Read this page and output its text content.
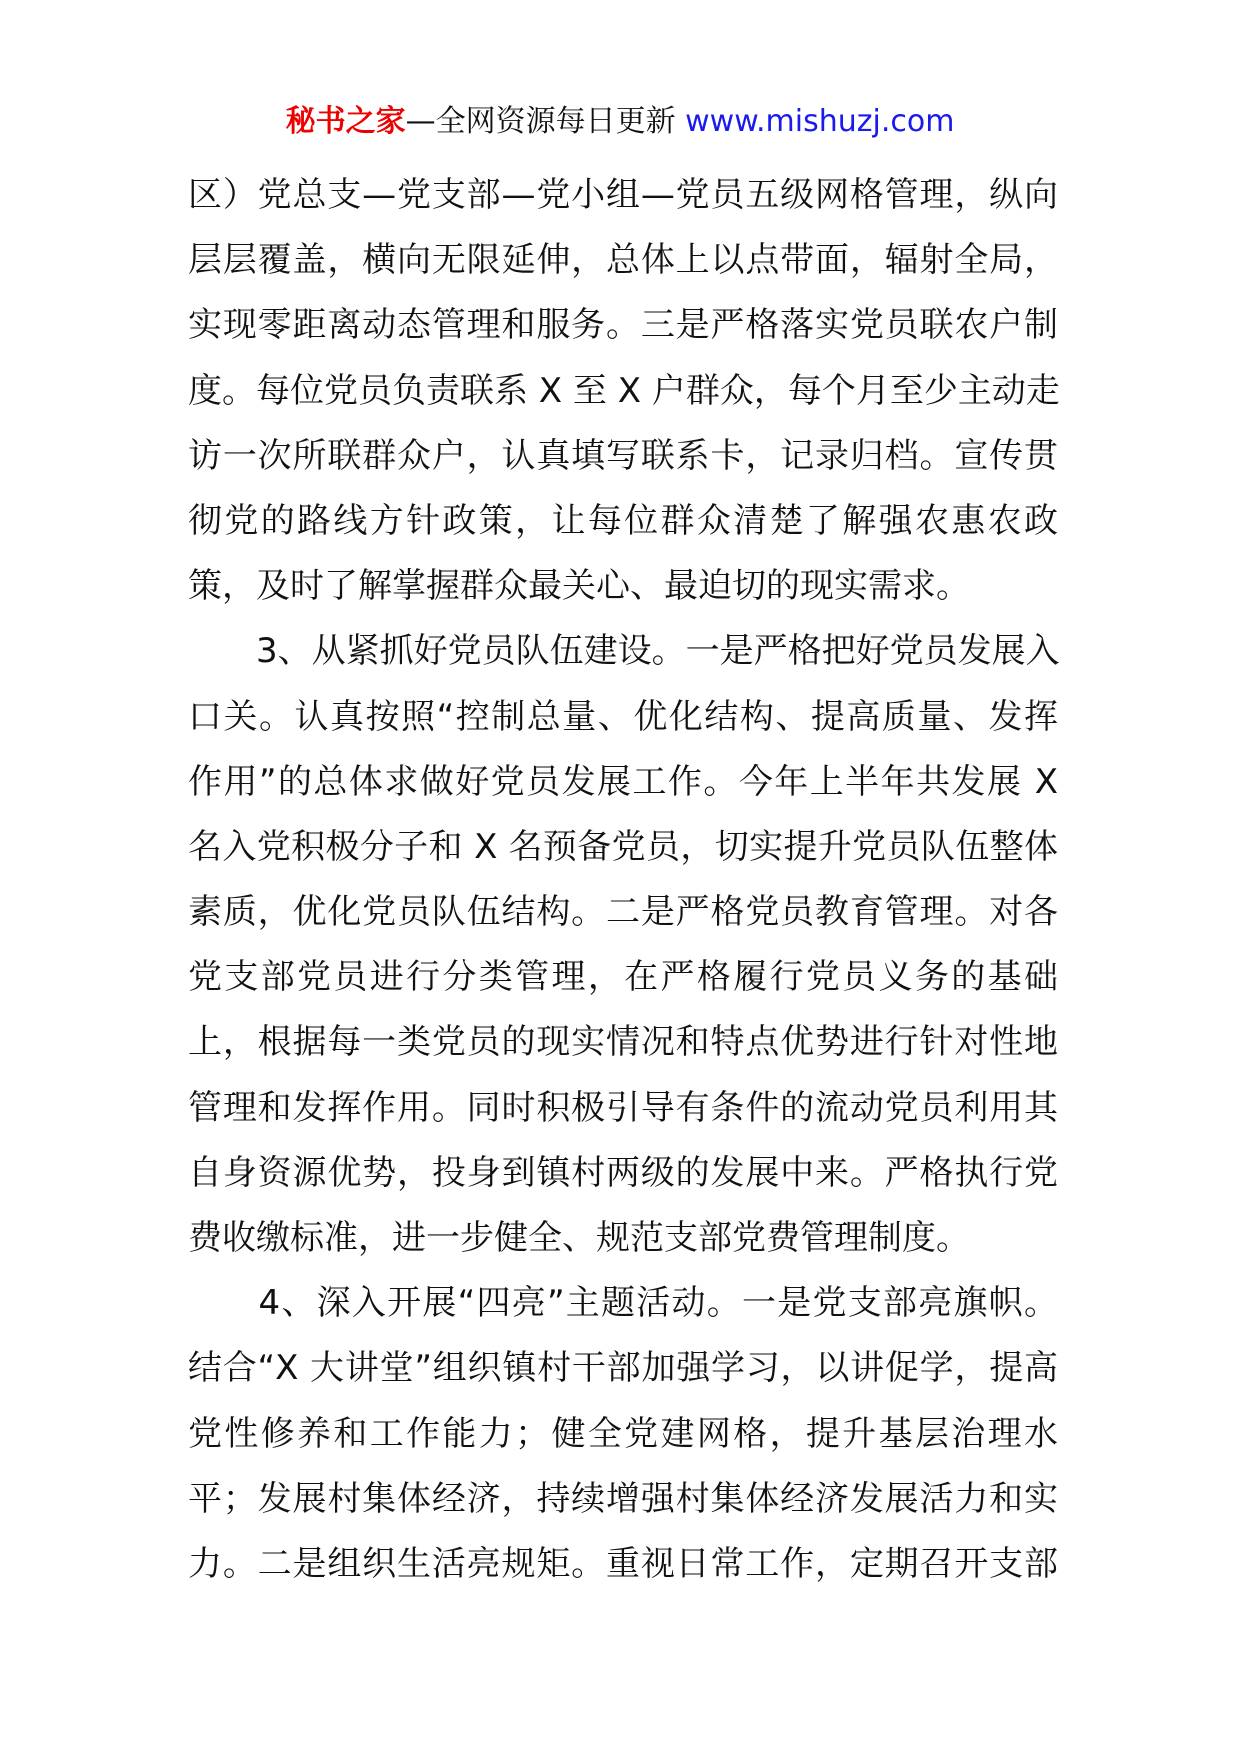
秘书之家—全网资源每日更新 www.mishuzj.com
区）党总支—党支部—党小组—党员五级网格管理，纵向
层层覆盖，横向无限延伸，总体上以点带面，辐射全局，
实现零距离动态管理和服务。三是严格落实党员联农户制
度。每位党员负责联系 X 至 X 户群众，每个月至少主动走
访一次所联群众户，认真填写联系卡，记录归档。宣传贯
彻党的路线方针政策，让每位群众清楚了解强农惠农政
策，及时了解掌握群众最关心、最迫切的现实需求。
　　3、从紧抓好党员队伍建设。一是严格把好党员发展入
口关。认真按照“控制总量、优化结构、提高质量、发挥
作用”的总体求做好党员发展工作。今年上半年共发展 X
名入党积极分子和 X 名预备党员，切实提升党员队伍整体
素质，优化党员队伍结构。二是严格党员教育管理。对各
党支部党员进行分类管理，在严格履行党员义务的基础
上，根据每一类党员的现实情况和特点优势进行针对性地
管理和发挥作用。同时积极引导有条件的流动党员利用其
自身资源优势，投身到镇村两级的发展中来。严格执行党
费收缴标准，进一步健全、规范支部党费管理制度。
　　4、深入开展“四亮”主题活动。一是党支部亮旗帜。
结合“X 大讲堂”组织镇村干部加强学习，以讲促学，提高
党性修养和工作能力；健全党建网格，提升基层治理水
平；发展村集体经济，持续增强村集体经济发展活力和实
力。二是组织生活亮规矩。重视日常工作，定期召开支部
